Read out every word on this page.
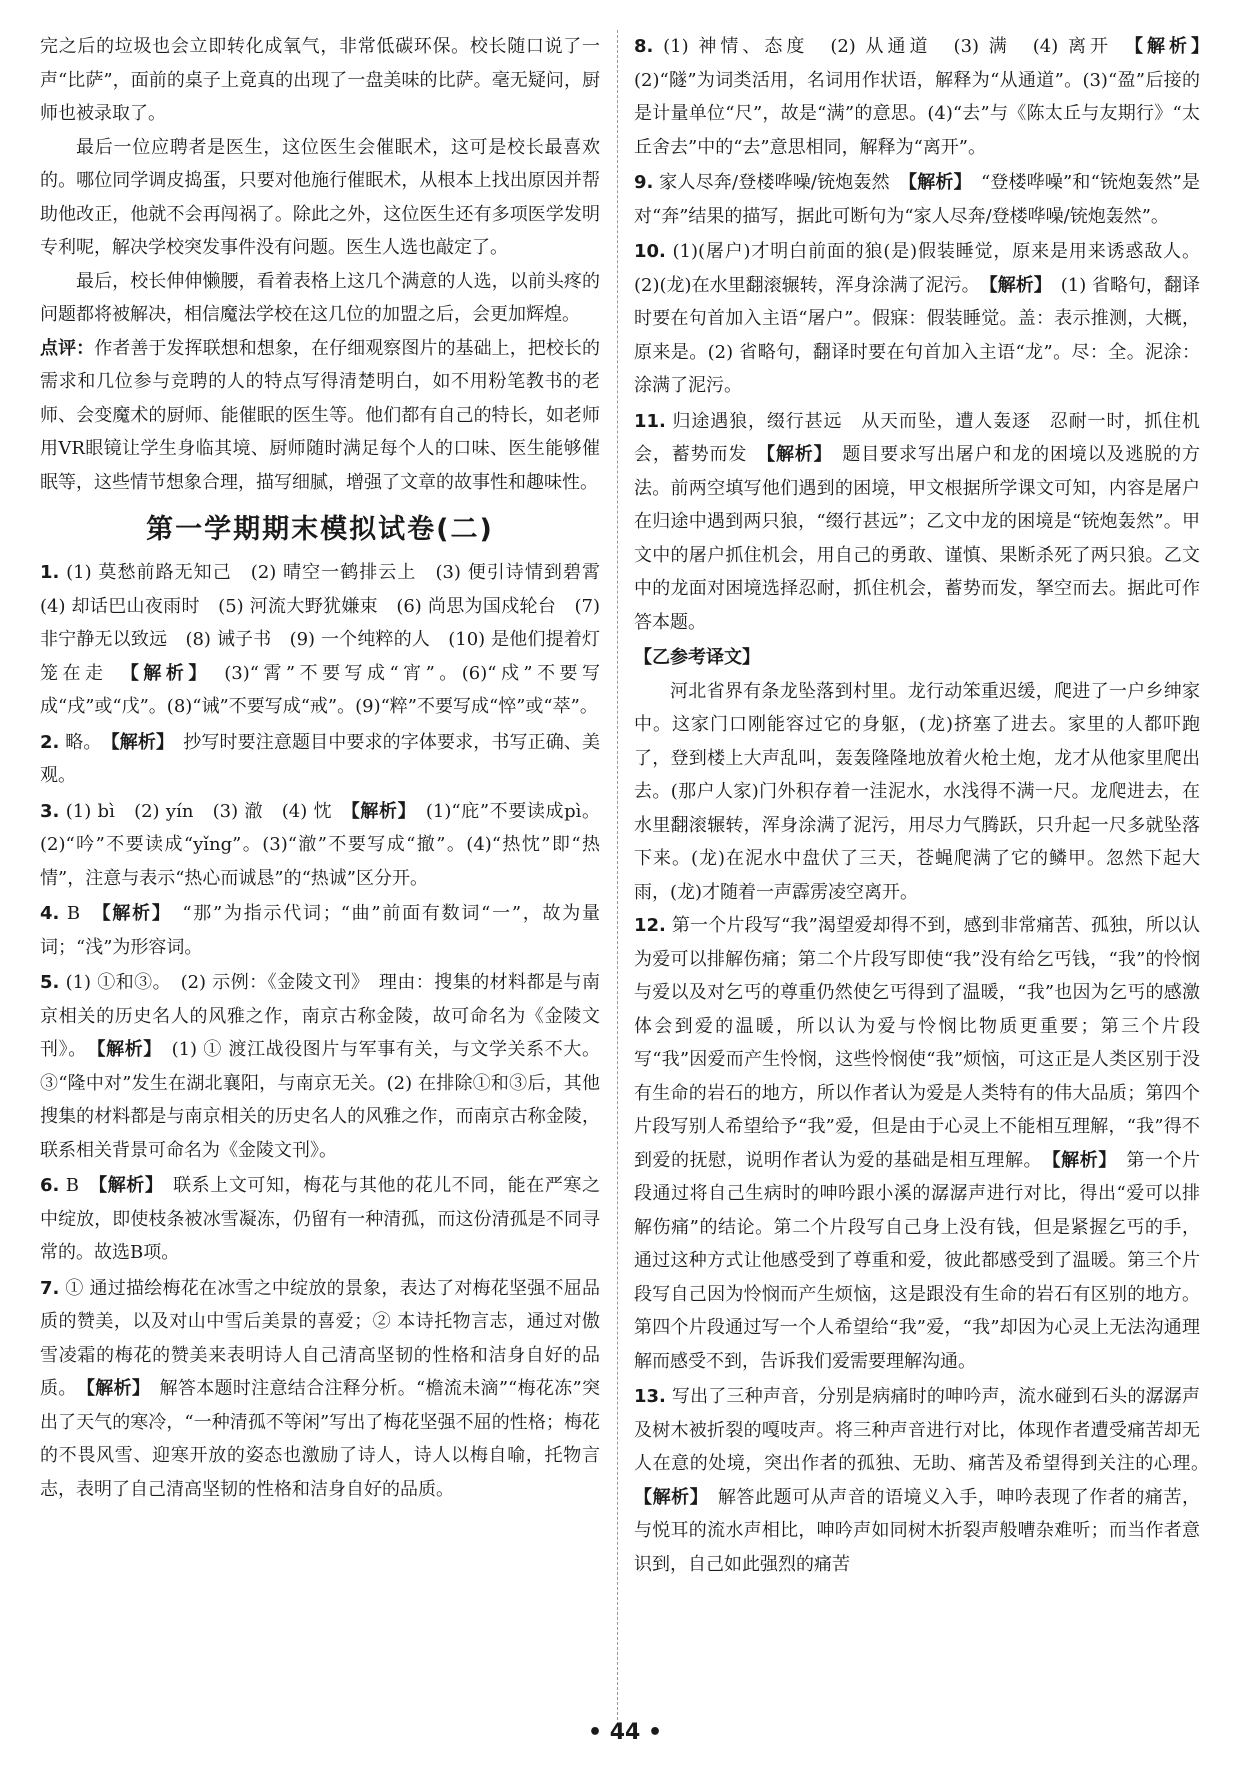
完之后的垃圾也会立即转化成氧气，非常低碳环保。校长随口说了一声“比萨”，面前的桌子上竟真的出现了一盘美味的比萨。毫无疑问，厨师也被录取了。

最后一位应聘者是医生，这位医生会催眠术，这可是校长最喜欢的。哪位同学调皮捣蛋，只要对他施行催眠术，从根本上找出原因并帮助他改正，他就不会再闯祸了。除此之外，这位医生还有多项医学发明专利呢，解决学校突发事件没有问题。医生人选也敲定了。

最后，校长伸伸懒腰，看着表格上这几个满意的人选，以前头疼的问题都将被解决，相信魔法学校在这几位的加盟之后，会更加辉煌。

点评：作者善于发挥联想和想象，在仔细观察图片的基础上，把校长的需求和几位参与竞聘的人的特点写得清楚明白，如不用粉笔教书的老师、会变魔术的厨师、能催眠的医生等。他们都有自己的特长，如老师用VR眼镜让学生身临其境、厨师随时满足每个人的口味、医生能够催眠等，这些情节想象合理，描写细腻，增强了文章的故事性和趣味性。

第一学期期末模拟试卷(二)

1. (1) 莫愁前路无知己　(2) 晴空一鹤排云上　(3) 便引诗情到碧霄　(4) 却话巴山夜雨时　(5) 河流大野犹嫌束　(6) 尚思为国戍轮台　(7) 非宁静无以致远　(8) 诫子书　(9) 一个纯粹的人　(10) 是他们提着灯笼在走　 【解析】　 (3)“霄”不要写成“宵”。(6)“戍”不要写成“戌”或“戊”。(8)“诫”不要写成“戒”。(9)“粹”不要写成“悴”或“萃”。

2. 略。　 【解析】　 抄写时要注意题目中要求的字体要求，书写正确、美观。

3. (1) bì　(2) yín　(3) 澈　(4) 忱　 【解析】　 (1)“庇”不要读成pì。(2)“吟”不要读成“yǐng”。(3)“澈”不要写成“撤”。(4)“热忱”即“热情”，注意与表示“热心而诚恳”的“热诚”区分开。

4. B　 【解析】　 “那”为指示代词；“曲”前面有数词“一”，故为量词；“浅”为形容词。

5. (1) ①和③。　(2) 示例：《金陵文刊》　理由：搜集的材料都是与南京相关的历史名人的风雅之作，南京古称金陵，故可命名为《金陵文刊》。　 【解析】　 (1) ① 渡江战役图片与军事有关，与文学关系不大。③“隆中对”发生在湖北襄阳，与南京无关。(2) 在排除①和③后，其他搜集的材料都是与南京相关的历史名人的风雅之作，而南京古称金陵，联系相关背景可命名为《金陵文刊》。

6. B　 【解析】　 联系上文可知，梅花与其他的花儿不同，能在严寒之中绽放，即使枝条被冰雪凝冻，仍留有一种清孤，而这份清孤是不同寻常的。故选B项。

7. ① 通过描绘梅花在冰雪之中绽放的景象，表达了对梅花坚强不屈品质的赞美，以及对山中雪后美景的喜爱；② 本诗托物言志，通过对傲雪凌霜的梅花的赞美来表明诗人自己清高坚韧的性格和洁身自好的品质。　 【解析】　 解答本题时注意结合注释分析。“檐流未滴”“梅花冻”突出了天气的寒冷，“一种清孤不等闲”写出了梅花坚强不屈的性格；梅花的不畏风雪、迎寒开放的姿态也激励了诗人，诗人以梅自喻，托物言志，表明了自己清高坚韧的性格和洁身自好的品质。

8. (1) 神情、态度　(2) 从通道　(3) 满　(4) 离开　 【解析】　(2)“隧”为词类活用，名词用作状语，解释为“从通道”。(3)“盈”后接的是计量单位“尺”，故是“满”的意思。(4)“去”与《陈太丘与友期行》“太丘舍去”中的“去”意思相同，解释为“离开”。

9. 家人尽奔/登楼哗噪/铳炮轰然　 【解析】　 “登楼哗噪”和“铳炮轰然”是对“奔”结果的描写，据此可断句为“家人尽奔/登楼哗噪/铳炮轰然”。

10. (1)(屠户)才明白前面的狼(是)假装睡觉，原来是用来诱惑敌人。(2)(龙)在水里翻滚辗转，浑身涂满了泥污。　 【解析】　 (1) 省略句，翻译时要在句首加入主语“屠户”。假寐：假装睡觉。盖：表示推测，大概，原来是。(2) 省略句，翻译时要在句首加入主语“龙”。尽：全。泥涂：涂满了泥污。

11. 归途遇狼，缀行甚远　从天而坠，遭人轰逐　忍耐一时，抓住机会，蓄势而发　 【解析】　 题目要求写出屠户和龙的困境以及逃脱的方法。前两空填写他们遇到的困境，甲文根据所学课文可知，内容是屠户在归途中遇到两只狼，“缀行甚远”；乙文中龙的困境是“铳炮轰然”。甲文中的屠户抓住机会，用自己的勇敢、谨慎、果断杀死了两只狼。乙文中的龙面对困境选择忍耐，抓住机会，蓄势而发，拏空而去。据此可作答本题。

【乙参考译文】

河北省界有条龙坠落到村里。龙行动笨重迟缓，爬进了一户乡绅家中。这家门口刚能容过它的身躯，(龙)挤塞了进去。家里的人都吓跑了，登到楼上大声乱叫，轰轰隆隆地放着火枪土炮，龙才从他家里爬出去。(那户人家)门外积存着一洼泥水，水浅得不满一尺。龙爬进去，在水里翻滚辗转，浑身涂满了泥污，用尽力气腾跃，只升起一尺多就坠落下来。(龙)在泥水中盘伏了三天，苍蝇爬满了它的鳞甲。忽然下起大雨，(龙)才随着一声霹雳凌空离开。

12. 第一个片段写“我”渴望爱却得不到，感到非常痛苦、孤独，所以认为爱可以排解伤痛；第二个片段写即使“我”没有给乞丐钱，“我”的怜悯与爱以及对乞丐的尊重仍然使乞丐得到了温暖，“我”也因为乞丐的感激体会到爱的温暖，所以认为爱与怜悯比物质更重要；第三个片段写“我”因爱而产生怜悯，这些怜悯使“我”烦恼，可这正是人类区别于没有生命的岩石的地方，所以作者认为爱是人类特有的伟大品质；第四个片段写别人希望给予“我”爱，但是由于心灵上不能相互理解，“我”得不到爱的抚慰，说明作者认为爱的基础是相互理解。　 【解析】　 第一个片段通过将自己生病时的呻吟跟小溪的潺潺声进行对比，得出“爱可以排解伤痛”的结论。第二个片段写自己身上没有钱，但是紧握乞丐的手，通过这种方式让他感受到了尊重和爱，彼此都感受到了温暖。第三个片段写自己因为怜悯而产生烦恼，这是跟没有生命的岩石有区别的地方。第四个片段通过写一个人希望给“我”爱，“我”却因为心灵上无法沟通理解而感受不到，告诉我们爱需要理解沟通。

13. 写出了三种声音，分别是病痛时的呻吟声，流水碰到石头的潺潺声及树木被折裂的嘎吱声。将三种声音进行对比，体现作者遭受痛苦却无人在意的处境，突出作者的孤独、无助、痛苦及希望得到关注的心理。　【解析】　 解答此题可从声音的语境义入手，呻吟表现了作者的痛苦，与悦耳的流水声相比，呻吟声如同树木折裂声般嘈杂难听；而当作者意识到，自己如此强烈的痛苦

• 44 •
